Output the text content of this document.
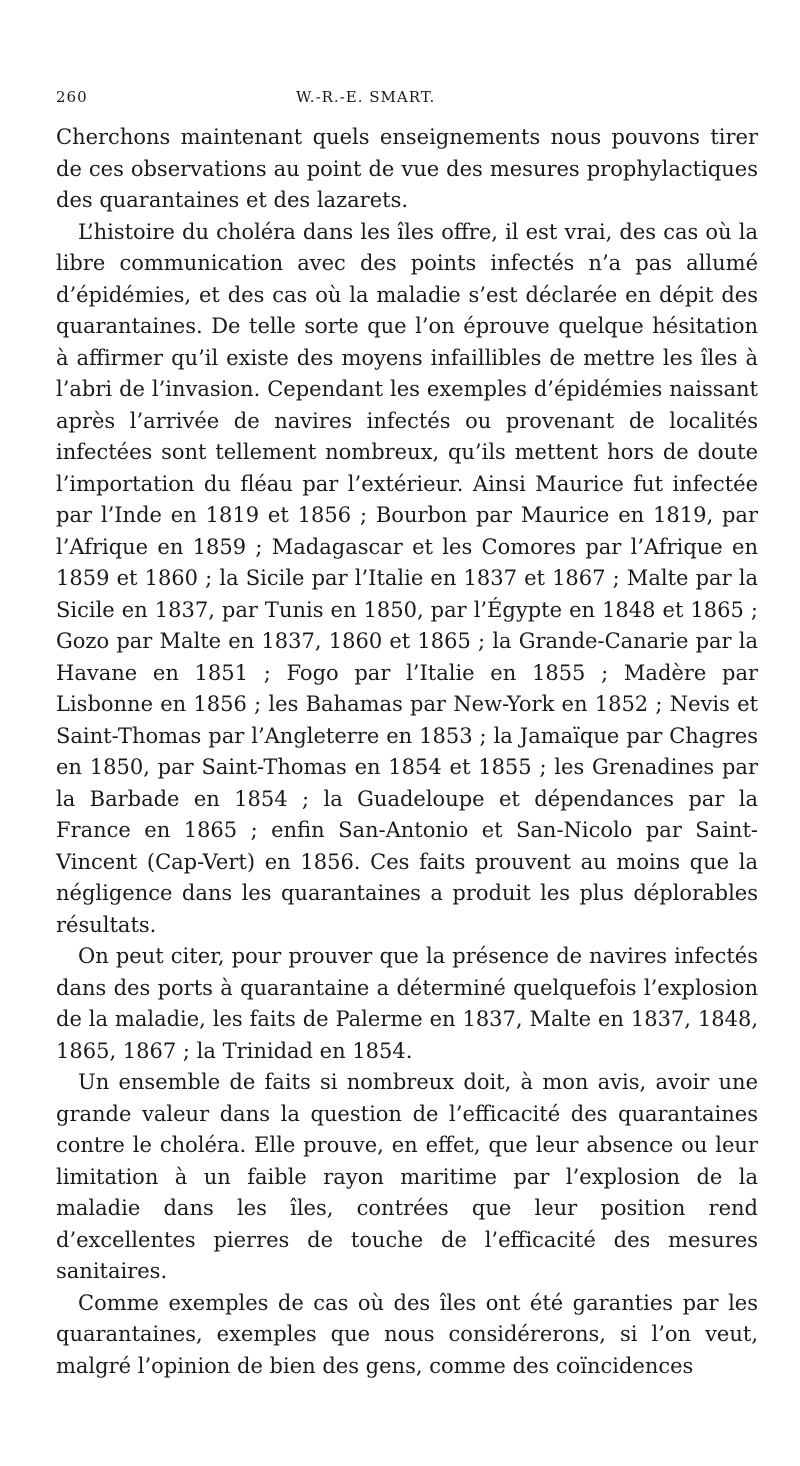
260	W.-R.-E. SMART.

Cherchons maintenant quels enseignements nous pouvons tirer de ces observations au point de vue des mesures prophylactiques des quarantaines et des lazarets.

L’histoire du choléra dans les îles offre, il est vrai, des cas où la libre communication avec des points infectés n’a pas allumé d’épidémies, et des cas où la maladie s’est déclarée en dépit des quarantaines. De telle sorte que l’on éprouve quelque hésitation à affirmer qu’il existe des moyens infaillibles de mettre les îles à l’abri de l’invasion. Cependant les exemples d’épidémies naissant après l’arrivée de navires infectés ou provenant de localités infectées sont tellement nombreux, qu’ils mettent hors de doute l’importation du fléau par l’extérieur. Ainsi Maurice fut infectée par l’Inde en 1819 et 1856 ; Bourbon par Maurice en 1819, par l’Afrique en 1859 ; Madagascar et les Comores par l’Afrique en 1859 et 1860 ; la Sicile par l’Italie en 1837 et 1867 ; Malte par la Sicile en 1837, par Tunis en 1850, par l’Égypte en 1848 et 1865 ; Gozo par Malte en 1837, 1860 et 1865 ; la Grande-Canarie par la Havane en 1851 ; Fogo par l’Italie en 1855 ; Madère par Lisbonne en 1856 ; les Bahamas par New-York en 1852 ; Nevis et Saint-Thomas par l’Angleterre en 1853 ; la Jamaïque par Chagres en 1850, par Saint-Thomas en 1854 et 1855 ; les Grenadines par la Barbade en 1854 ; la Guadeloupe et dépendances par la France en 1865 ; enfin San-Antonio et San-Nicolo par Saint-Vincent (Cap-Vert) en 1856. Ces faits prouvent au moins que la négligence dans les quarantaines a produit les plus déplorables résultats.

On peut citer, pour prouver que la présence de navires infectés dans des ports à quarantaine a déterminé quelquefois l’explosion de la maladie, les faits de Palerme en 1837, Malte en 1837, 1848, 1865, 1867 ; la Trinidad en 1854.

Un ensemble de faits si nombreux doit, à mon avis, avoir une grande valeur dans la question de l’efficacité des quarantaines contre le choléra. Elle prouve, en effet, que leur absence ou leur limitation à un faible rayon maritime par l’explosion de la maladie dans les îles, contrées que leur position rend d’excellentes pierres de touche de l’efficacité des mesures sanitaires.

Comme exemples de cas où des îles ont été garanties par les quarantaines, exemples que nous considérerons, si l’on veut, malgré l’opinion de bien des gens, comme des coïncidences
